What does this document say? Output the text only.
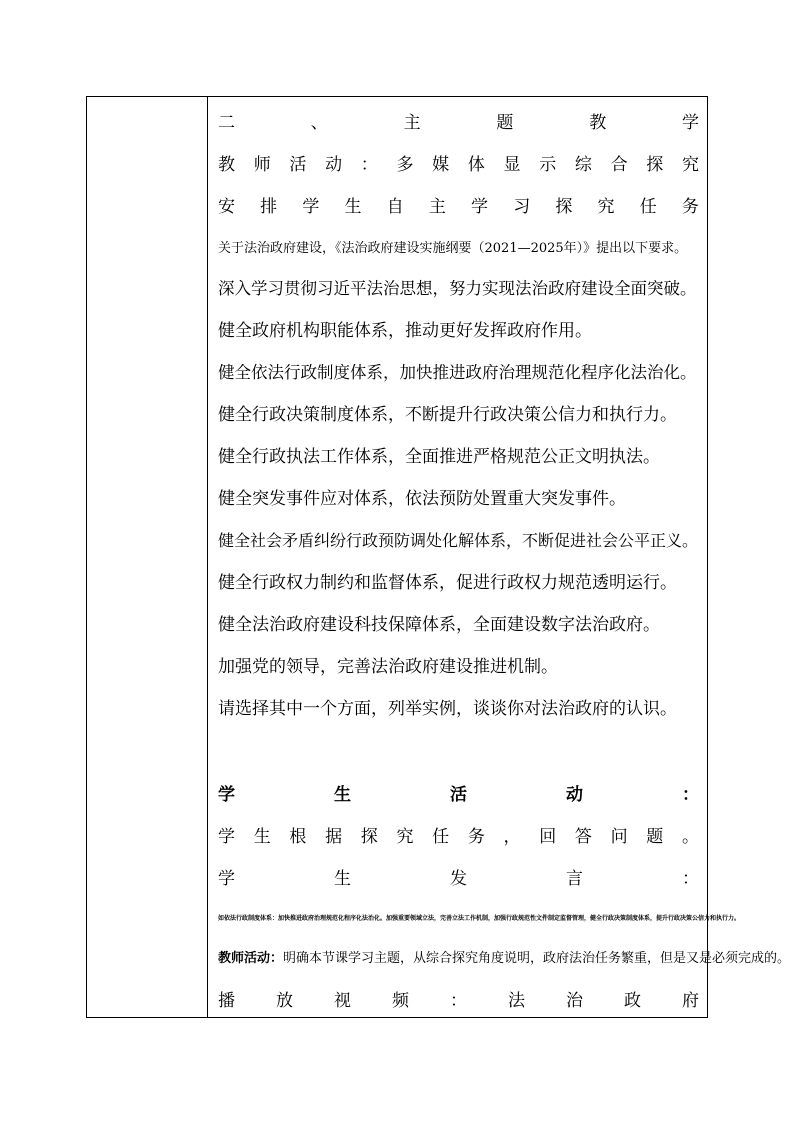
二	、	主	题	教	学
教 师 活 动 ： 多 媒 体 显 示 综 合 探 究
安 排 学 生 自 主 学 习 探 究 任 务
关于法治政府建设，《法治政府建设实施纲要（2021—2025年）》提出以下要求。
深入学习贯彻习近平法治思想，努力实现法治政府建设全面突破。
健全政府机构职能体系，推动更好发挥政府作用。
健全依法行政制度体系，加快推进政府治理规范化程序化法治化。
健全行政决策制度体系，不断提升行政决策公信力和执行力。
健全行政执法工作体系，全面推进严格规范公正文明执法。
健全突发事件应对体系，依法预防处置重大突发事件。
健全社会矛盾纠纷行政预防调处化解体系，不断促进社会公平正义。
健全行政权力制约和监督体系，促进行政权力规范透明运行。
健全法治政府建设科技保障体系，全面建设数字法治政府。
加强党的领导，完善法治政府建设推进机制。
请选择其中一个方面，列举实例，谈谈你对法治政府的认识。
学	生	活	动	：
学 生 根 据 探 究 任 务 ， 回 答 问 题 。
学	生	发	言	：
如依法行政制度体系：加快推进政府治理规范化程序化法治化。加强重要领域立法，完善立法工作机制，加强行政规范性文件制定监督管理，健全行政决策制度体系，提升行政决策公信力和执行力。
教师活动： 明确本节课学习主题，从综合探究角度说明，政府法治任务繁重，但是又是必须完成的。
播 放 视 频 ： 法 治 政 府
